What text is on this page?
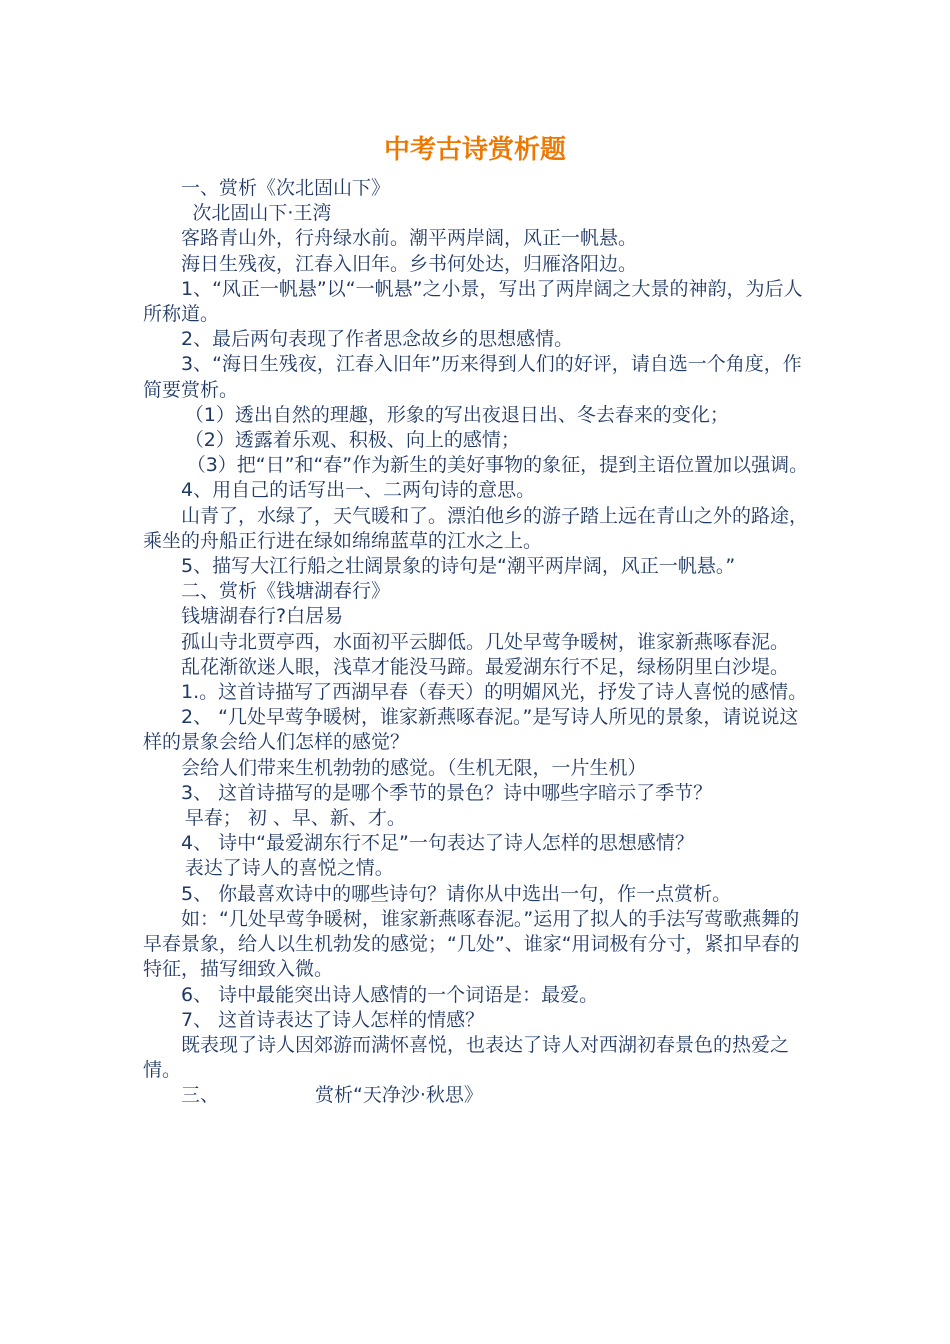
中考古诗赏析题

一、赏析《次北固山下》

次北固山下·王湾

客路青山外，行舟绿水前。潮平两岸阔，风正一帆悬。

海日生残夜，江春入旧年。乡书何处达，归雁洛阳边。

1、“风正一帆悬”以“一帆悬”之小景，写出了两岸阔之大景的神韵，为后人所称道。

2、最后两句表现了作者思念故乡的思想感情。

3、“海日生残夜，江春入旧年”历来得到人们的好评，请自选一个角度，作简要赏析。

（1）透出自然的理趣，形象的写出夜退日出、冬去春来的变化；

（2）透露着乐观、积极、向上的感情；

（3）把“日”和“春”作为新生的美好事物的象征，提到主语位置加以强调。

4、用自己的话写出一、二两句诗的意思。

山青了，水绿了，天气暖和了。漂泊他乡的游子踏上远在青山之外的路途，乘坐的舟船正行进在绿如绵绵蓝草的江水之上。

5、描写大江行船之壮阔景象的诗句是“潮平两岸阔，风正一帆悬。”

二、赏析《钱塘湖春行》

钱塘湖春行?白居易

孤山寺北贾亭西，水面初平云脚低。几处早莺争暖树，谁家新燕啄春泥。

乱花渐欲迷人眼，浅草才能没马蹄。最爱湖东行不足，绿杨阴里白沙堤。

1.。这首诗描写了西湖早春（春天）的明媚风光，抒发了诗人喜悦的感情。

2、 “几处早莺争暖树，谁家新燕啄春泥。”是写诗人所见的景象，请说说这样的景象会给人们怎样的感觉？

会给人们带来生机勃勃的感觉。（生机无限，一片生机）

3、 这首诗描写的是哪个季节的景色？诗中哪些字暗示了季节？

早春； 初 、早、新、才。

4、 诗中“最爱湖东行不足”一句表达了诗人怎样的思想感情？

表达了诗人的喜悦之情。

5、 你最喜欢诗中的哪些诗句？请你从中选出一句，作一点赏析。

如：“几处早莺争暖树，谁家新燕啄春泥。”运用了拟人的手法写莺歌燕舞的早春景象，给人以生机勃发的感觉；“几处”、谁家“用词极有分寸，紧扣早春的特征，描写细致入微。

6、 诗中最能突出诗人感情的一个词语是：最爱。

7、 这首诗表达了诗人怎样的情感？

既表现了诗人因郊游而满怀喜悦，也表达了诗人对西湖初春景色的热爱之情。

三、	赏析“天净沙·秋思》
